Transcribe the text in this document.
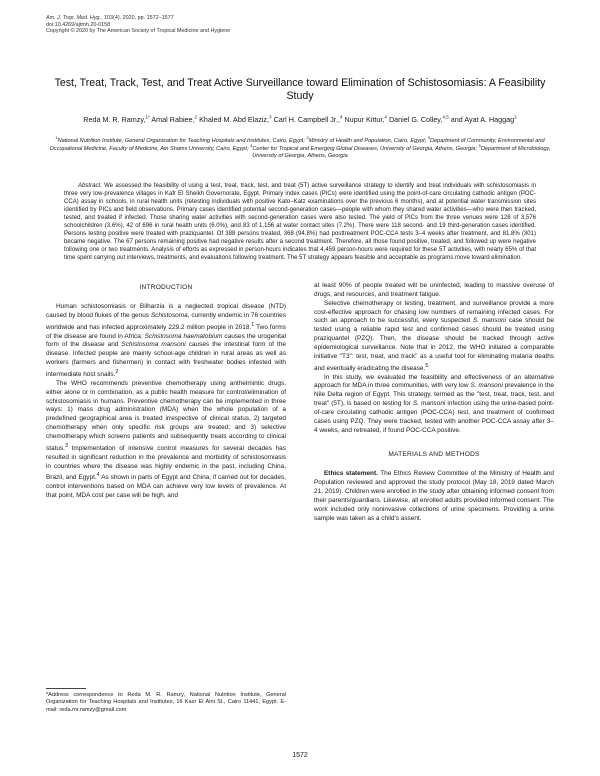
Am. J. Trop. Med. Hyg., 103(4), 2020, pp. 1572–1577
doi:10.4269/ajtmh.20-0158
Copyright © 2020 by The American Society of Tropical Medicine and Hygiene
Test, Treat, Track, Test, and Treat Active Surveillance toward Elimination of Schistosomiasis: A Feasibility Study
Reda M. R. Ramzy,$^{1*}$ Amal Rabiee,$^2$ Khaled M. Abd Elaziz,$^3$ Carl H. Campbell Jr.,$^4$ Nupur Kittur,$^4$ Daniel G. Colley,$^{4,5}$ and Ayat A. Haggag$^2$
$^1$National Nutrition Institute, General Organization for Teaching Hospitals and Institutes, Cairo, Egypt; $^2$Ministry of Health and Population, Cairo, Egypt; $^3$Department of Community, Environmental and Occupational Medicine, Faculty of Medicine, Ain Shams University, Cairo, Egypt; $^4$Center for Tropical and Emerging Global Diseases, University of Georgia, Athens, Georgia; $^5$Department of Microbiology, University of Georgia, Athens, Georgia

Abstract. We assessed the feasibility of using a test, treat, track, test, and treat (5T) active surveillance strategy to identify and treat individuals with schistosomiasis in three very low-prevalence villages in Kafr El Sheikh Governorate, Egypt. Primary index cases (PICs) were identified using the point-of-care circulating cathodic antigen (POC-CCA) assay in schools, in rural health units (retesting individuals with positive Kato–Katz examinations over the previous 6 months), and at potential water transmission sites identified by PICs and field observations. Primary cases identified potential second-generation cases—people with whom they shared water activities—who were then tracked, tested, and treated if infected. Those sharing water activities with second-generation cases were also tested. The yield of PICs from the three venues were 128 of 3,576 schoolchildren (3.6%), 42 of 696 in rural health units (6.0%), and 83 of 1,156 at water contact sites (7.2%). There were 118 second- and 19 third-generation cases identified. Persons testing positive were treated with praziquantel. Of 388 persons treated, 368 (94.8%) had posttreatment POC-CCA tests 3–4 weeks after treatment, and 81.8% (301) became negative. The 67 persons remaining positive had negative results after a second treatment. Therefore, all those found positive, treated, and followed up were negative following one or two treatments. Analysis of efforts as expressed in person-hours indicates that 4,459 person-hours were required for these 5T activities, with nearly 65% of that time spent carrying out interviews, treatments, and evaluations following treatment. The 5T strategy appears feasible and acceptable as programs move toward elimination.

INTRODUCTION

Human schistosomiasis or Bilharzia is a neglected tropical disease (NTD) caused by blood flukes of the genus Schistosoma, currently endemic in 76 countries worldwide and has infected approximately 229.2 million people in 2018.$^1$ Two forms of the disease are found in Africa: Schistosoma haematobium causes the urogenital form of the disease and Schistosoma mansoni causes the intestinal form of the disease. Infected people are mainly school-age children in rural areas as well as workers (farmers and fishermen) in contact with freshwater bodies infested with intermediate host snails.$^2$

The WHO recommends preventive chemotherapy using anthelmintic drugs, either alone or in combination, as a public health measure for control/elimination of schistosomiasis in humans. Preventive chemotherapy can be implemented in three ways: 1) mass drug administration (MDA) when the whole population of a predefined geographical area is treated irrespective of clinical status, 2) targeted chemotherapy when only specific risk groups are treated; and 3) selective chemotherapy which screens patients and subsequently treats according to clinical status.$^3$ Implementation of intensive control measures for several decades has resulted in significant reduction in the prevalence and morbidity of schistosomiasis in countries where the disease was highly endemic in the past, including China, Brazil, and Egypt.$^4$ As shown in parts of Egypt and China, if carried out for decades, control interventions based on MDA can achieve very low levels of prevalence. At that point, MDA cost per case will be high, and

at least 90% of people treated will be uninfected, leading to massive overuse of drugs, and resources, and treatment fatigue.

Selective chemotherapy or testing, treatment, and surveillance provide a more cost-effective approach for chasing low numbers of remaining infected cases. For such an approach to be successful, every suspected S. mansoni case should be tested using a reliable rapid test and confirmed cases should be treated using praziquantel (PZQ). Then, the disease should be tracked through active epidemiological surveillance. Note that in 2012, the WHO initiated a comparable initiative "T3": test, treat, and track" as a useful tool for eliminating malaria deaths and eventually eradicating the disease.$^5$

In this study, we evaluated the feasibility and effectiveness of an alternative approach for MDA in three communities, with very low S. mansoni prevalence in the Nile Delta region of Egypt. This strategy, termed as the "test, treat, track, test, and treat" (5T), is based on testing for S. mansoni infection using the urine-based point-of-care circulating cathodic antigen (POC-CCA) test, and treatment of confirmed cases using PZQ. They were tracked, tested with another POC-CCA assay after 3–4 weeks, and retreated, if found POC-CCA positive.

MATERIALS AND METHODS

Ethics statement. The Ethics Review Committee of the Ministry of Health and Population reviewed and approved the study protocol (May 18, 2019 dated March 21, 2019). Children were enrolled in the study after obtaining informed consent from their parents/guardians. Likewise, all enrolled adults provided informed consent. The work included only noninvasive collections of urine specimens. Providing a urine sample was taken as a child's assent.

*Address correspondence to Reda M. R. Ramzy, National Nutrition Institute, General Organization for Teaching Hospitals and Institutes, 16 Kasr El Aini St., Cairo 11441, Egypt. E-mail: reda.mr.ramzy@gmail.com
1572
